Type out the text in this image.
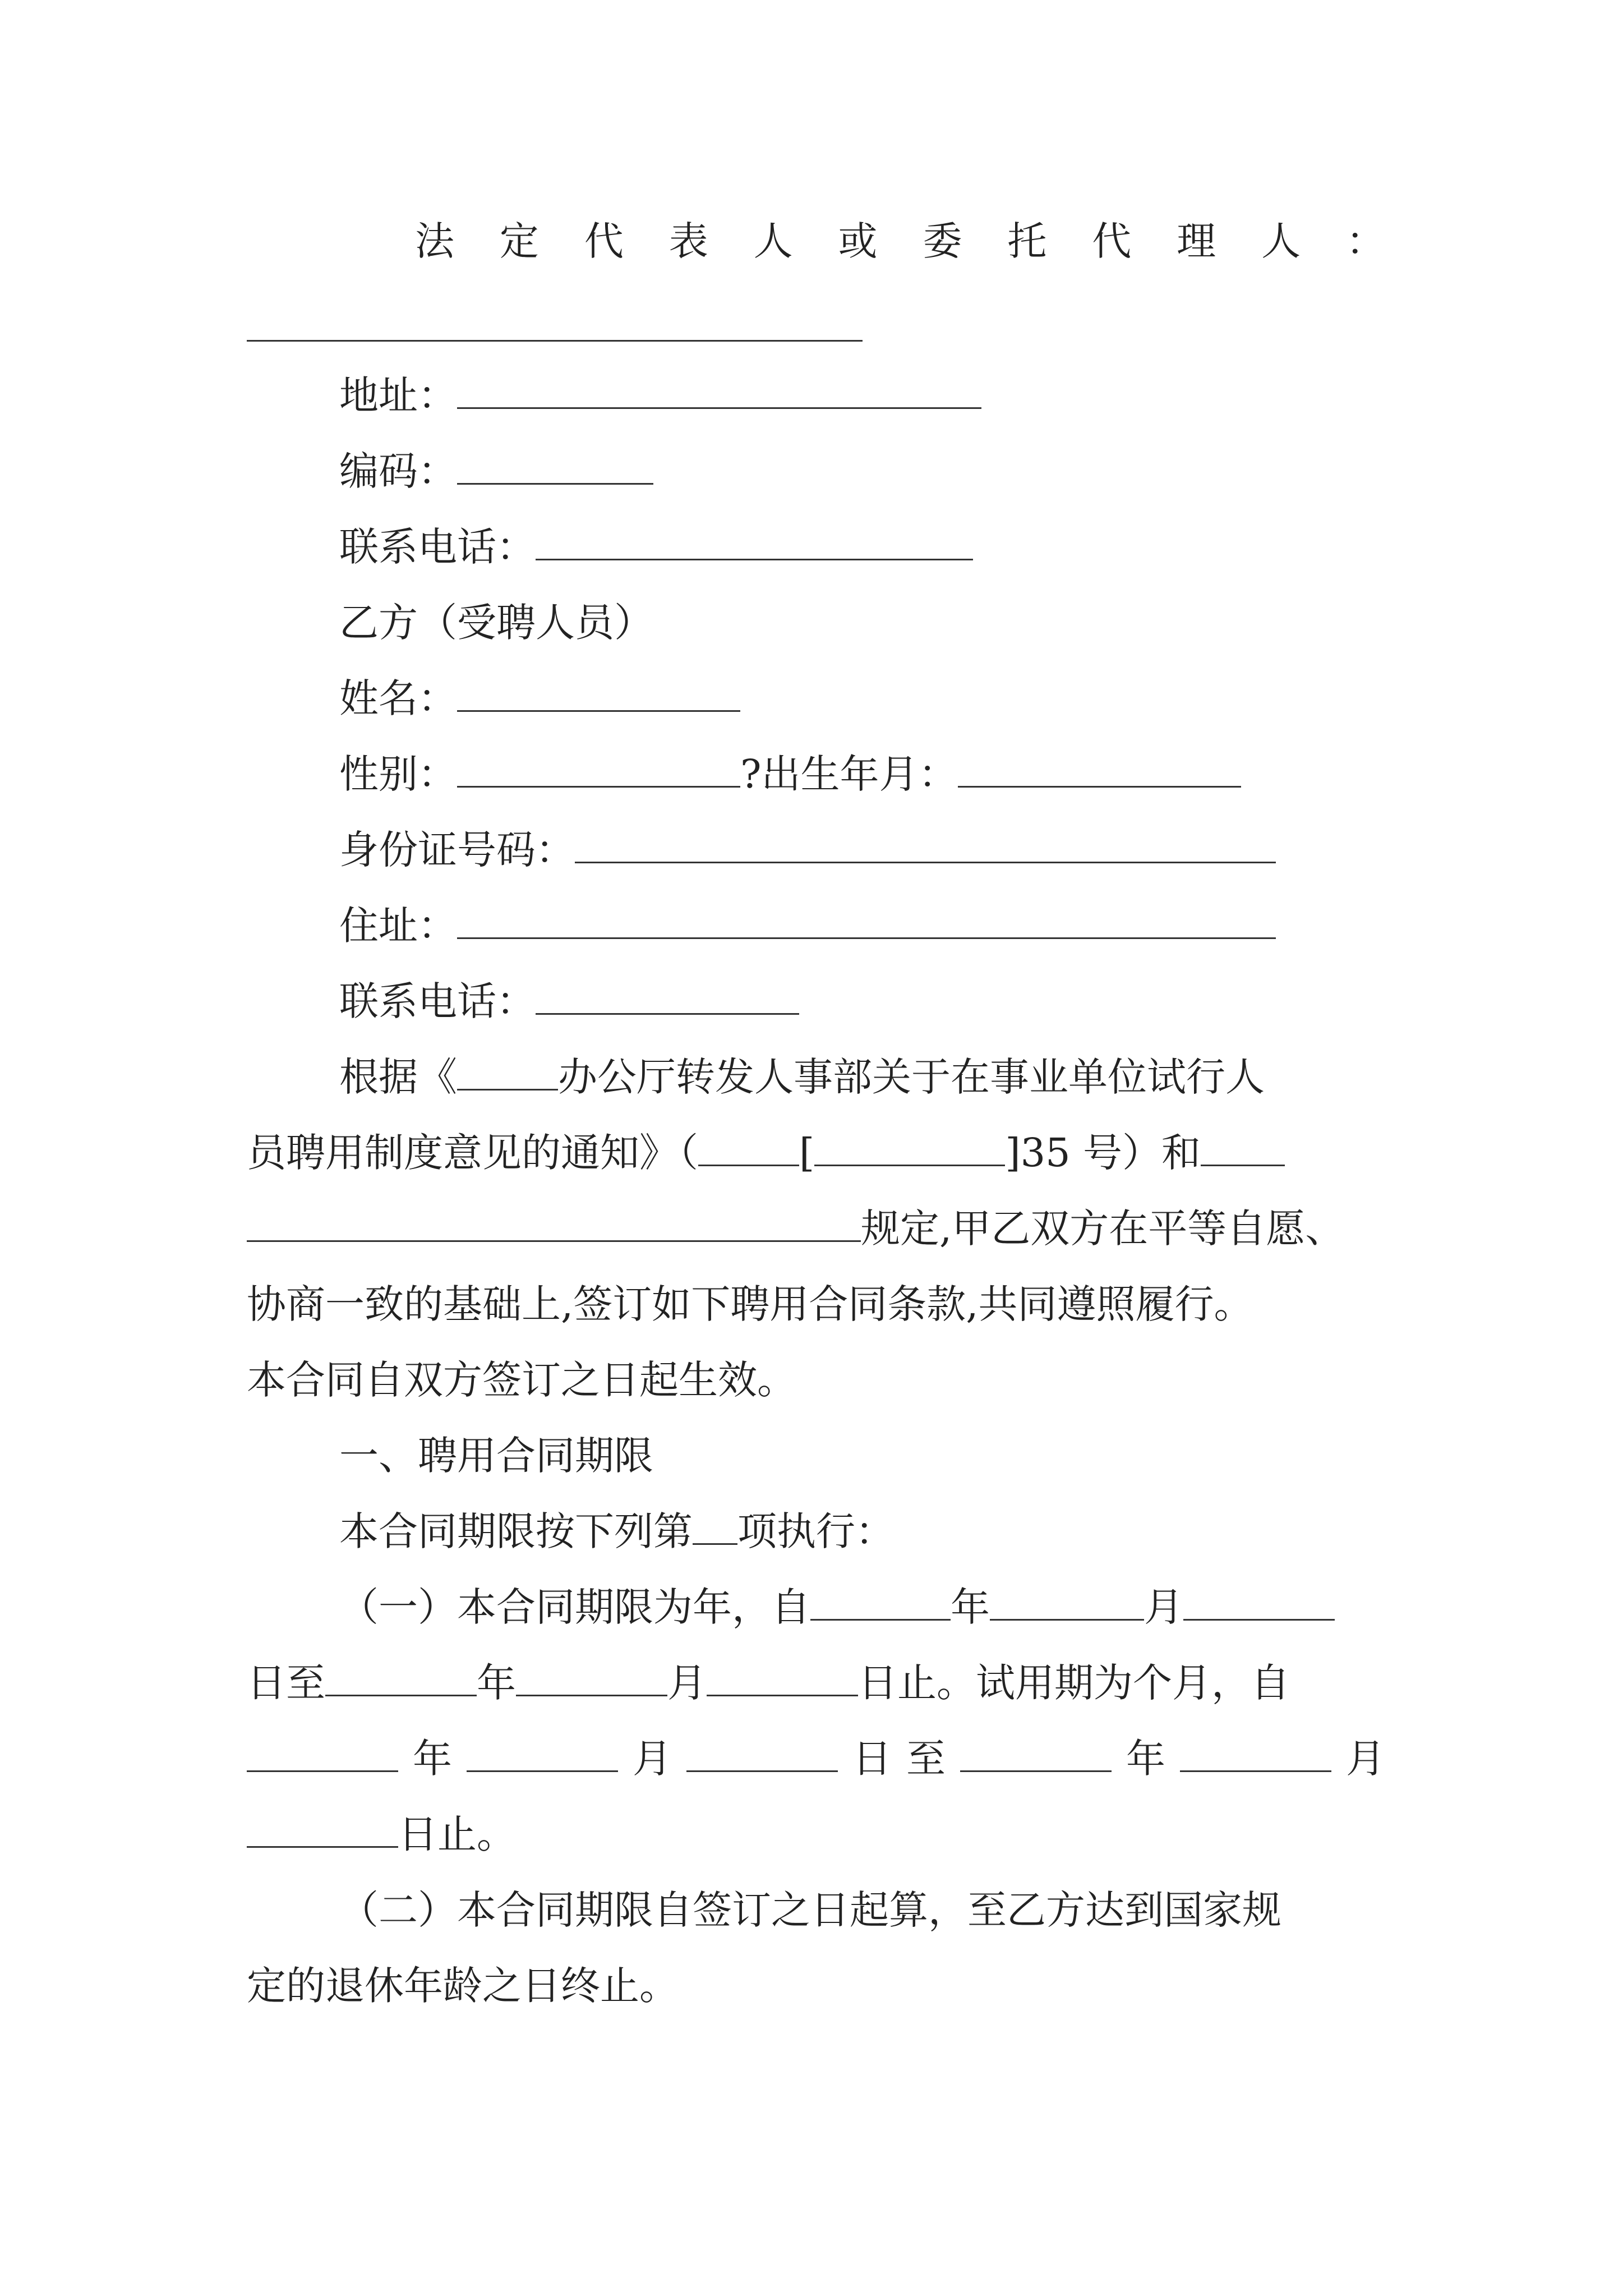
法 定 代 表 人 或 委 托 代 理 人 ：
地址：
编码：
联系电话：
乙方（受聘人员）
姓名：
性别：	?出生年月：
身份证号码：
住址：
联系电话：
根据《	办公厅转发人事部关于在事业单位试行人
员聘用制度意见的通知》（	[	]35 号）和
规定,甲乙双方在平等自愿、
协商一致的基础上,签订如下聘用合同条款,共同遵照履行。
本合同自双方签订之日起生效。
一、聘用合同期限
本合同期限按下列第 项执行：
（一）本合同期限为年，自	年	月
日至	年	月	日止。试用期为个月，自
年	月	日 至	年	月
日止。
（二）本合同期限自签订之日起算，至乙方达到国家规
定的退休年龄之日终止。
